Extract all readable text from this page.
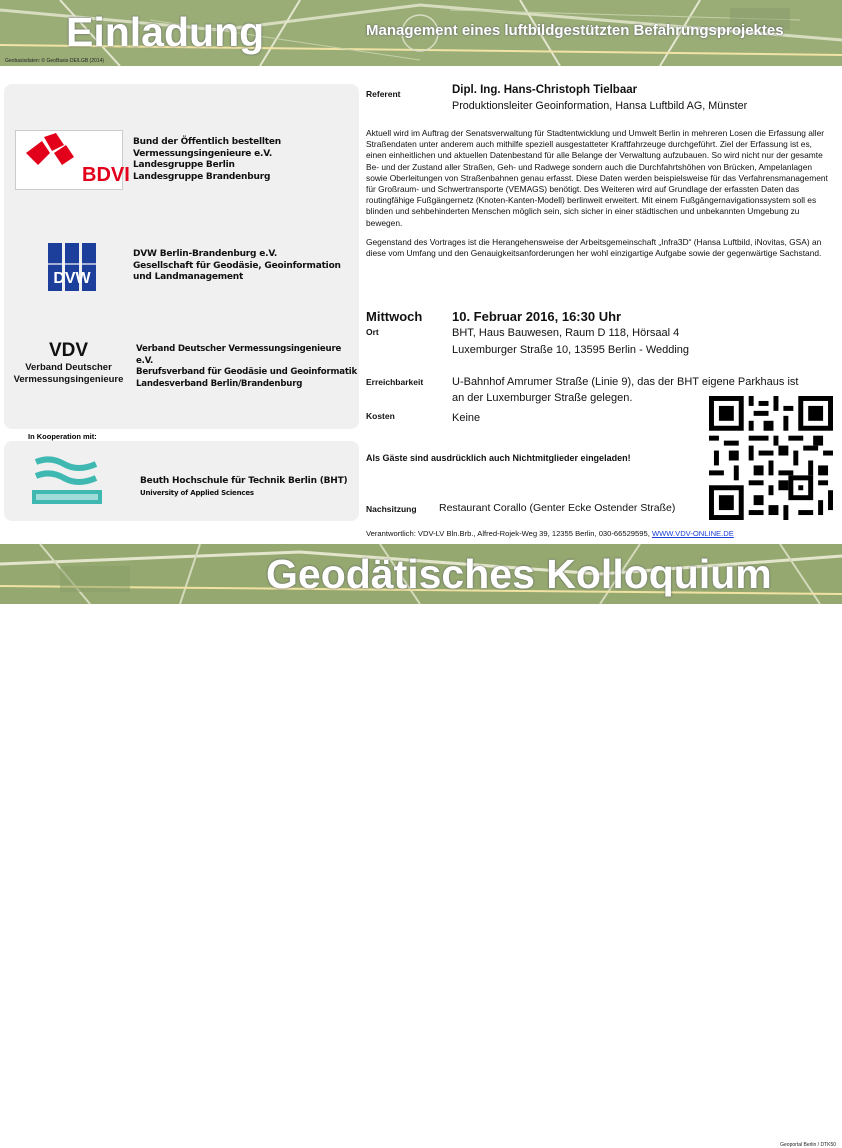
Einladung	Management eines luftbildgestützten Befahrungsprojektes
Geobasisdaten: © GeoBasis-DE/LGB (2014)
BDVI
Bund der Öffentlich bestellten
Vermessungsingenieure e.V.
Landesgruppe Berlin
Landesgruppe Brandenburg
DVW
DVW Berlin-Brandenburg e.V.
Gesellschaft für Geodäsie, Geoinformation
und Landmanagement
VDV
Verband Deutscher
Vermessungsingenieure
Verband Deutscher Vermessungsingenieure e.V.
Berufsverband für Geodäsie und Geoinformatik
Landesverband Berlin/Brandenburg
In Kooperation mit:
Beuth Hochschule für Technik Berlin (BHT)
University of Applied Sciences
Referent	Dipl. Ing. Hans-Christoph Tielbaar
Produktionsleiter Geoinformation, Hansa Luftbild AG, Münster

Aktuell wird im Auftrag der Senatsverwaltung für Stadtentwicklung und Umwelt Berlin in mehreren Losen die Erfassung aller Straßendaten unter anderem auch mithilfe speziell ausgestatteter Kraftfahrzeuge durchgeführt. Ziel der Erfassung ist es, einen einheitlichen und aktuellen Datenbestand für alle Belange der Verwaltung aufzubauen. So wird nicht nur der gesamte Be- und der Zustand aller Straßen, Geh- und Radwege sondern auch die Durchfahrtshöhen von Brücken, Ampelanlagen sowie Oberleitungen von Straßenbahnen genau erfasst. Diese Daten werden beispielsweise für das Verfahrensmanagement für Großraum- und Schwertransporte (VEMAGS) benötigt. Des Weiteren wird auf Grundlage der erfassten Daten das routingfähige Fußgängernetz (Knoten-Kanten-Modell) berlinweit erweitert. Mit einem Fußgängernavigationssystem soll es blinden und sehbehinderten Menschen möglich sein, sich sicher in einer städtischen und unbekannten Umgebung zu bewegen.

Gegenstand des Vortrages ist die Herangehensweise der Arbeitsgemeinschaft „Infra3D“ (Hansa Luftbild, iNovitas, GSA) an diese vom Umfang und den Genauigkeitsanforderungen her wohl einzigartige Aufgabe sowie der gegenwärtige Sachstand.

Mittwoch 10. Februar 2016, 16:30 Uhr
Ort	BHT, Haus Bauwesen, Raum D 118, Hörsaal 4
Luxemburger Straße 10, 13595 Berlin - Wedding
Erreichbarkeit	U-Bahnhof Amrumer Straße (Linie 9), das der BHT eigene Parkhaus ist
an der Luxemburger Straße gelegen.
Kosten	Keine
Als Gäste sind ausdrücklich auch Nichtmitglieder eingeladen!
Nachsitzung Restaurant Corallo (Genter Ecke Ostender Straße)
Verantwortlich: VDV-LV Bln.Brb., Alfred-Rojek-Weg 39, 12355 Berlin, 030-66529595, WWW.VDV-ONLINE.DE
Geoportal Berlin / DTK50
Geodätisches Kolloquium
